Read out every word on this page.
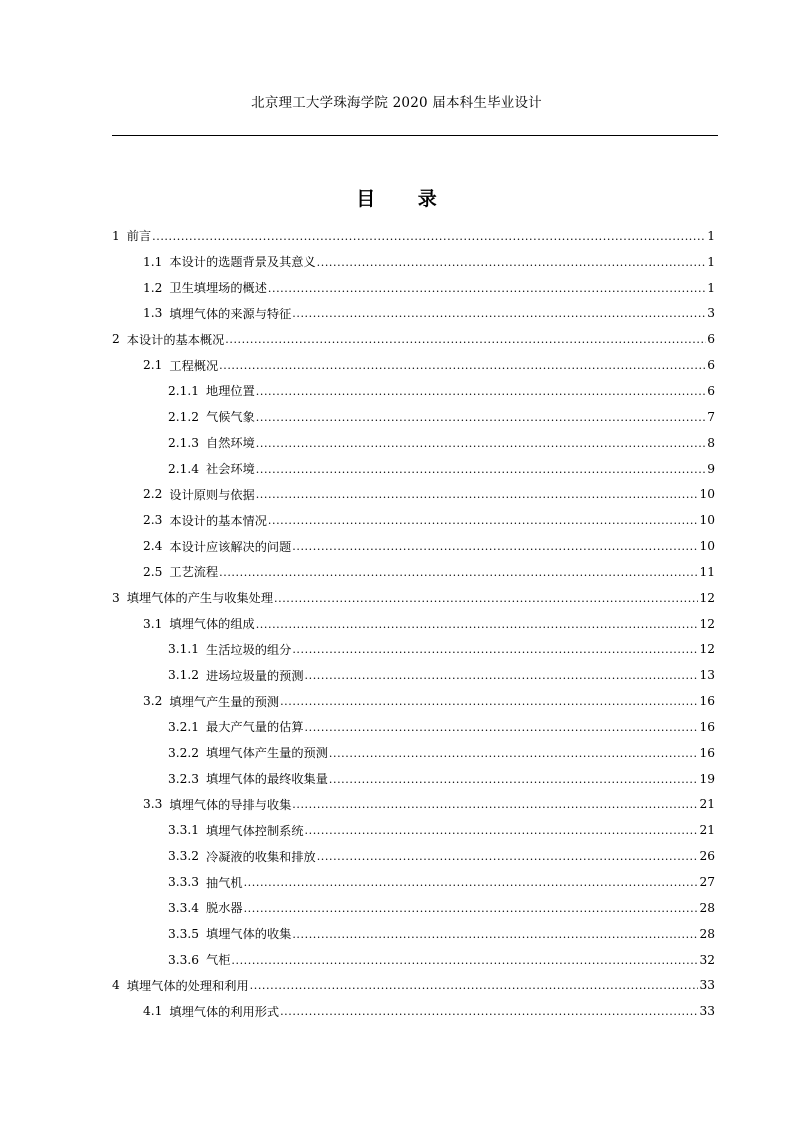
北京理工大学珠海学院 2020 届本科生毕业设计
目 录
1 前言 .....	1
1.1 本设计的选题背景及其意义 .....	1
1.2 卫生填埋场的概述 .....	1
1.3 填埋气体的来源与特征 .....	3
2 本设计的基本概况 .....	6
2.1 工程概况 .....	6
2.1.1 地理位置 .....	6
2.1.2 气候气象 .....	7
2.1.3 自然环境 .....	8
2.1.4 社会环境 .....	9
2.2 设计原则与依据 .....	10
2.3 本设计的基本情况 .....	10
2.4 本设计应该解决的问题 .....	10
2.5 工艺流程 .....	11
3 填埋气体的产生与收集处理 .....	12
3.1 填埋气体的组成 .....	12
3.1.1 生活垃圾的组分 .....	12
3.1.2 进场垃圾量的预测 .....	13
3.2 填埋气产生量的预测 .....	16
3.2.1 最大产气量的估算 .....	16
3.2.2 填埋气体产生量的预测 .....	16
3.2.3 填埋气体的最终收集量 .....	19
3.3 填埋气体的导排与收集 .....	21
3.3.1 填埋气体控制系统 .....	21
3.3.2 冷凝液的收集和排放 .....	26
3.3.3 抽气机 .....	27
3.3.4 脱水器 .....	28
3.3.5 填埋气体的收集 .....	28
3.3.6 气柜 .....	32
4 填埋气体的处理和利用 .....	33
4.1 填埋气体的利用形式 .....	33
